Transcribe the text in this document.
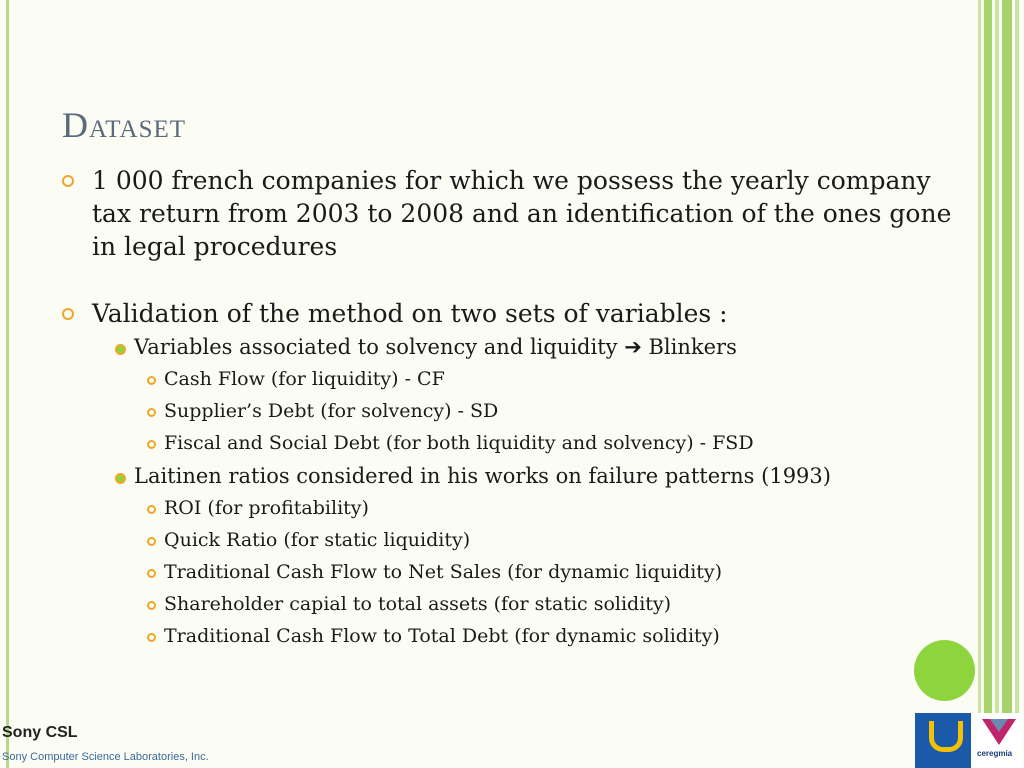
Dataset
1 000 french companies for which we possess the yearly company tax return from 2003 to 2008 and an identification of the ones gone in legal procedures
Validation of the method on two sets of variables :
Variables associated to solvency and liquidity ➔ Blinkers
Cash Flow (for liquidity) - CF
Supplier’s Debt (for solvency) - SD
Fiscal and Social Debt (for both liquidity and solvency) - FSD
Laitinen ratios considered in his works on failure patterns (1993)
ROI (for profitability)
Quick Ratio (for static liquidity)
Traditional Cash Flow to Net Sales (for dynamic liquidity)
Shareholder capial to total assets (for static solidity)
Traditional Cash Flow to Total Debt (for dynamic solidity)
Sony CSL
Sony Computer Science Laboratories, Inc.	ceregmia
